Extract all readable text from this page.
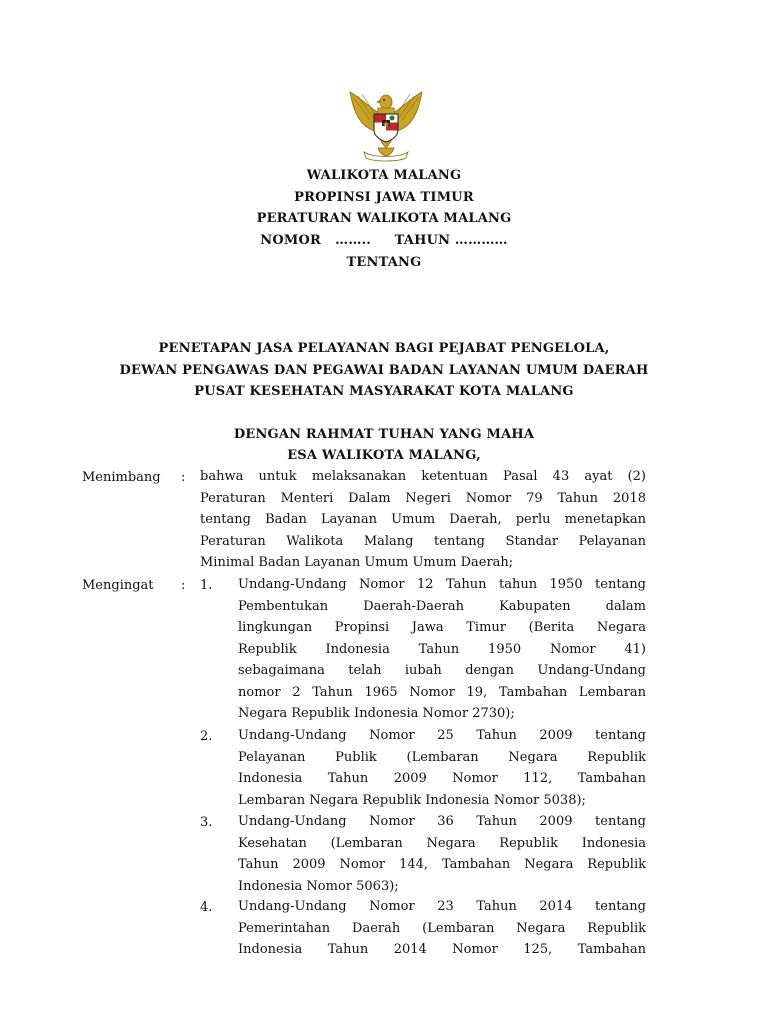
WALIKOTA MALANG
PROPINSI JAWA TIMUR
PERATURAN WALIKOTA MALANG
NOMOR   ……..     TAHUN …………
TENTANG
PENETAPAN JASA PELAYANAN BAGI PEJABAT PENGELOLA,
DEWAN PENGAWAS DAN PEGAWAI BADAN LAYANAN UMUM DAERAH
PUSAT KESEHATAN MASYARAKAT KOTA MALANG
DENGAN RAHMAT TUHAN YANG MAHA
ESA WALIKOTA MALANG,
Menimbang : bahwa untuk melaksanakan ketentuan Pasal 43 ayat (2)
Peraturan Menteri Dalam Negeri Nomor 79 Tahun 2018
tentang Badan Layanan Umum Daerah, perlu menetapkan
Peraturan Walikota Malang tentang Standar Pelayanan
Minimal Badan Layanan Umum Umum Daerah;
Mengingat : 1. Undang-Undang Nomor 12 Tahun tahun 1950 tentang
Pembentukan Daerah-Daerah Kabupaten dalam
lingkungan Propinsi Jawa Timur (Berita Negara
Republik Indonesia Tahun 1950 Nomor 41)
sebagaimana telah iubah dengan Undang-Undang
nomor 2 Tahun 1965 Nomor 19, Tambahan Lembaran
Negara Republik Indonesia Nomor 2730);
2. Undang-Undang Nomor 25 Tahun 2009 tentang
Pelayanan Publik (Lembaran Negara Republik
Indonesia Tahun 2009 Nomor 112, Tambahan
Lembaran Negara Republik Indonesia Nomor 5038);
3. Undang-Undang Nomor 36 Tahun 2009 tentang
Kesehatan (Lembaran Negara Republik Indonesia
Tahun 2009 Nomor 144, Tambahan Negara Republik
Indonesia Nomor 5063);
4. Undang-Undang Nomor 23 Tahun 2014 tentang
Pemerintahan Daerah (Lembaran Negara Republik
Indonesia Tahun 2014 Nomor 125, Tambahan
